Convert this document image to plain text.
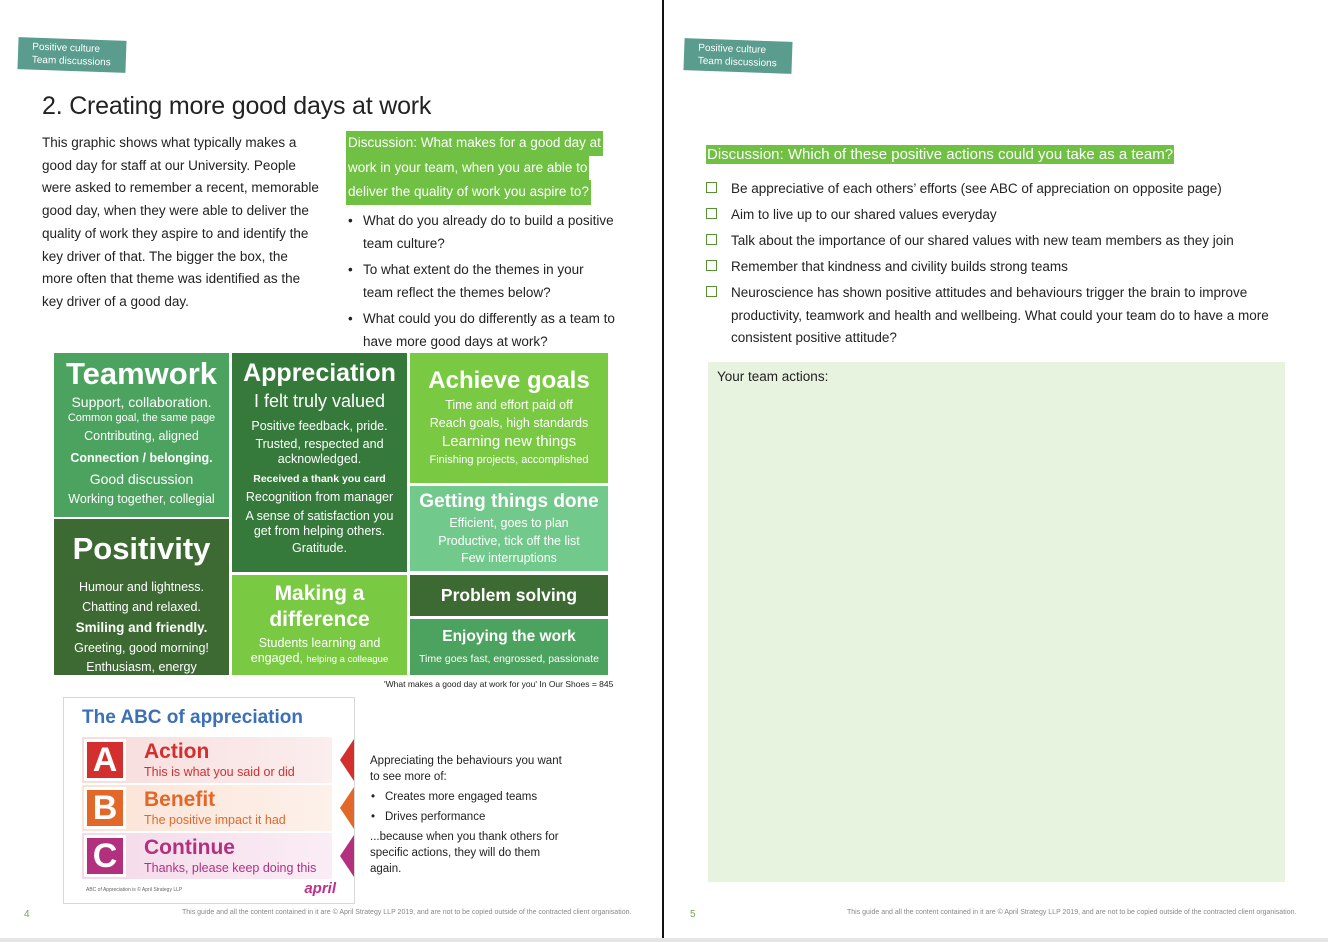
Positive culture
Team discussions
2. Creating more good days at work

This graphic shows what typically makes a good day for staff at our University. People were asked to remember a recent, memorable good day, when they were able to deliver the quality of work they aspire to and identify the key driver of that. The bigger the box, the more often that theme was identified as the key driver of a good day.

Discussion: What makes for a good day at
work in your team, when you are able to
deliver the quality of work you aspire to?
• What do you already do to build a positive team culture?
• To what extent do the themes in your team reflect the themes below?
• What could you do differently as a team to have more good days at work?
Teamwork
Support, collaboration.
Common goal, the same page
Contributing, aligned
Connection / belonging.
Good discussion
Working together, collegial
Positivity
Humour and lightness.
Chatting and relaxed.
Smiling and friendly.
Greeting, good morning!
Enthusiasm, energy
Appreciation
I felt truly valued
Positive feedback, pride.
Trusted, respected and acknowledged.
Received a thank you card
Recognition from manager
A sense of satisfaction you get from helping others.
Gratitude.
Making a
difference
Students learning and
engaged, helping a colleague
Achieve goals
Time and effort paid off
Reach goals, high standards
Learning new things
Finishing projects, accomplished
Getting things done
Efficient, goes to plan
Productive, tick off the list
Few interruptions
Problem solving
Enjoying the work
Time goes fast, engrossed, passionate
'What makes a good day at work for you' In Our Shoes = 845
The ABC of appreciation
A	Action
This is what you said or did
B	Benefit
The positive impact it had
C	Continue
Thanks, please keep doing this
ABC of Appreciation is © April Strategy LLP	april

Appreciating the behaviours you want to see more of:

• Creates more engaged teams
• Drives performance

...because when you thank others for specific actions, they will do them again.

4	This guide and all the content contained in it are © April Strategy LLP 2019, and are not to be copied outside of the contracted client organisation.
Positive culture
Team discussions
Discussion: Which of these positive actions could you take as a team?
Be appreciative of each others’ efforts (see ABC of appreciation on opposite page)
Aim to live up to our shared values everyday
Talk about the importance of our shared values with new team members as they join
Remember that kindness and civility builds strong teams
Neuroscience has shown positive attitudes and behaviours trigger the brain to improve productivity, teamwork and health and wellbeing. What could your team do to have a more consistent positive attitude?
Your team actions:
5	This guide and all the content contained in it are © April Strategy LLP 2019, and are not to be copied outside of the contracted client organisation.
